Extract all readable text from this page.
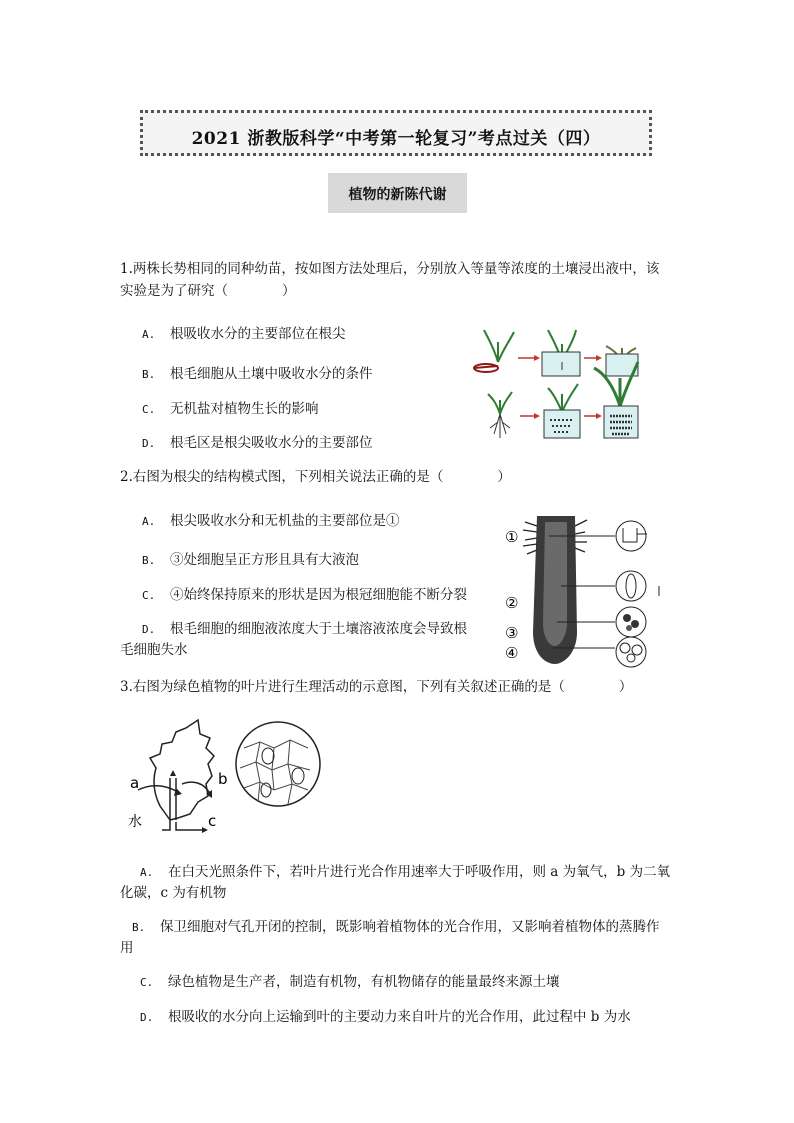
2021 浙教版科学“中考第一轮复习”考点过关（四）
植物的新陈代谢
1.两株长势相同的同种幼苗，按如图方法处理后，分别放入等量等浓度的土壤浸出液中，该
实验是为了研究（　　　　）
A. 根吸收水分的主要部位在根尖
B. 根毛细胞从土壤中吸收水分的条件
C. 无机盐对植物生长的影响
D. 根毛区是根尖吸收水分的主要部位
2.右图为根尖的结构模式图，下列相关说法正确的是（　　　　）
A. 根尖吸收水分和无机盐的主要部位是①
B. ③处细胞呈正方形且具有大液泡
C. ④始终保持原来的形状是因为根冠细胞能不断分裂
D. 根毛细胞的细胞液浓度大于土壤溶液浓度会导致根
毛细胞失水
①
②
③
④
3.右图为绿色植物的叶片进行生理活动的示意图，下列有关叙述正确的是（　　　　）
a	b
水	c
A. 在白天光照条件下，若叶片进行光合作用速率大于呼吸作用，则 a 为氧气，b 为二氧
化碳，c 为有机物
B. 保卫细胞对气孔开闭的控制，既影响着植物体的光合作用，又影响着植物体的蒸腾作
用
C. 绿色植物是生产者，制造有机物，有机物储存的能量最终来源土壤
D. 根吸收的水分向上运输到叶的主要动力来自叶片的光合作用，此过程中 b 为水
